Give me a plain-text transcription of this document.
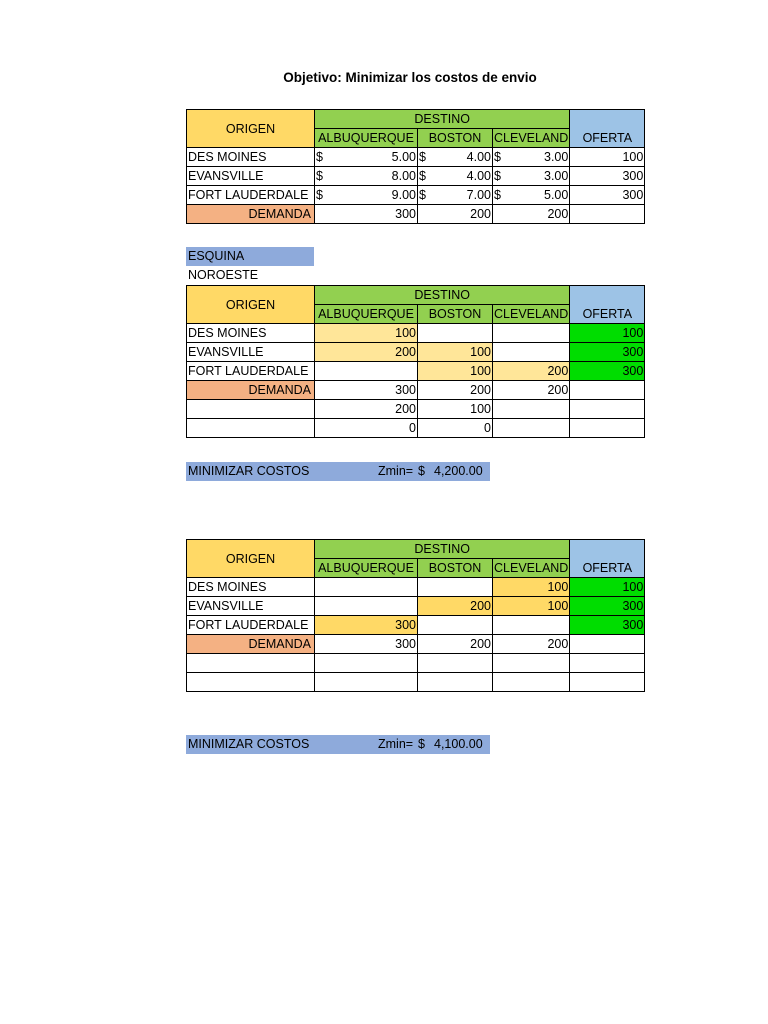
Objetivo: Minimizar los costos de envio
ORIGEN	DESTINO			OFERTA
	ALBUQUERQUE	BOSTON	CLEVELAND	
DES MOINES	$ 5.00	$ 4.00	$ 3.00	100
EVANSVILLE	$ 8.00	$ 4.00	$ 3.00	300
FORT LAUDERDALE	$ 9.00	$ 7.00	$ 5.00	300
DEMANDA	300	200	200	
ESQUINA NOROESTE
ORIGEN	DESTINO			OFERTA
	ALBUQUERQUE	BOSTON	CLEVELAND	
DES MOINES	100			100
EVANSVILLE	200	100		300
FORT LAUDERDALE		100	200	300
DEMANDA	300	200	200	
	200	100		
	0	0		
MINIMIZAR COSTOS	Zmin= $ 4,200.00
ORIGEN	DESTINO			OFERTA
	ALBUQUERQUE	BOSTON	CLEVELAND	
DES MOINES			100	100
EVANSVILLE		200	100	300
FORT LAUDERDALE	300			300
DEMANDA	300	200	200	

MINIMIZAR COSTOS	Zmin= $ 4,100.00
